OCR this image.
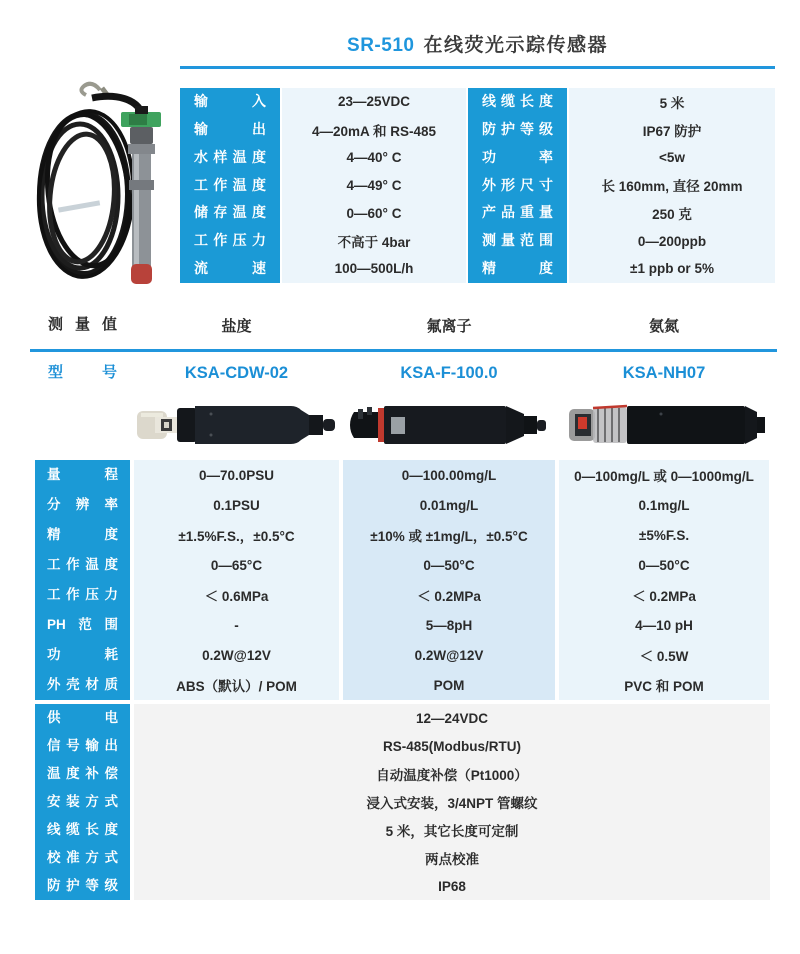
SR-510 在线荧光示踪传感器
输入	23—25VDC	线缆长度	5 米
输出	4—20mA 和 RS-485	防护等级	IP67 防护
水样温度	4—40° C	功率	<5w
工作温度	4—49° C	外形尺寸	长 160mm, 直径 20mm
储存温度	0—60° C	产品重量	250 克
工作压力	不高于 4bar	测量范围	0—200ppb
流速	100—500L/h	精度	±1 ppb or 5%
测量值	盐度	氟离子	氨氮
型号	KSA-CDW-02	KSA-F-100.0	KSA-NH07
量程	0—70.0PSU	0—100.00mg/L	0—100mg/L 或 0—1000mg/L
分辨率	0.1PSU	0.01mg/L	0.1mg/L
精度	±1.5%F.S.，±0.5°C	±10% 或 ±1mg/L，±0.5°C	±5%F.S.
工作温度	0—65°C	0—50°C	0—50°C
工作压力	＜ 0.6MPa	＜ 0.2MPa	＜ 0.2MPa
PH范围	-	5—8pH	4—10 pH
功耗	0.2W@12V	0.2W@12V	＜ 0.5W
外壳材质	ABS（默认）/ POM	POM	PVC 和 POM
供电	12—24VDC
信号输出	RS-485(Modbus/RTU)
温度补偿	自动温度补偿（Pt1000）
安装方式	浸入式安装，3/4NPT 管螺纹
线缆长度	5 米，其它长度可定制
校准方式	两点校准
防护等级	IP68
